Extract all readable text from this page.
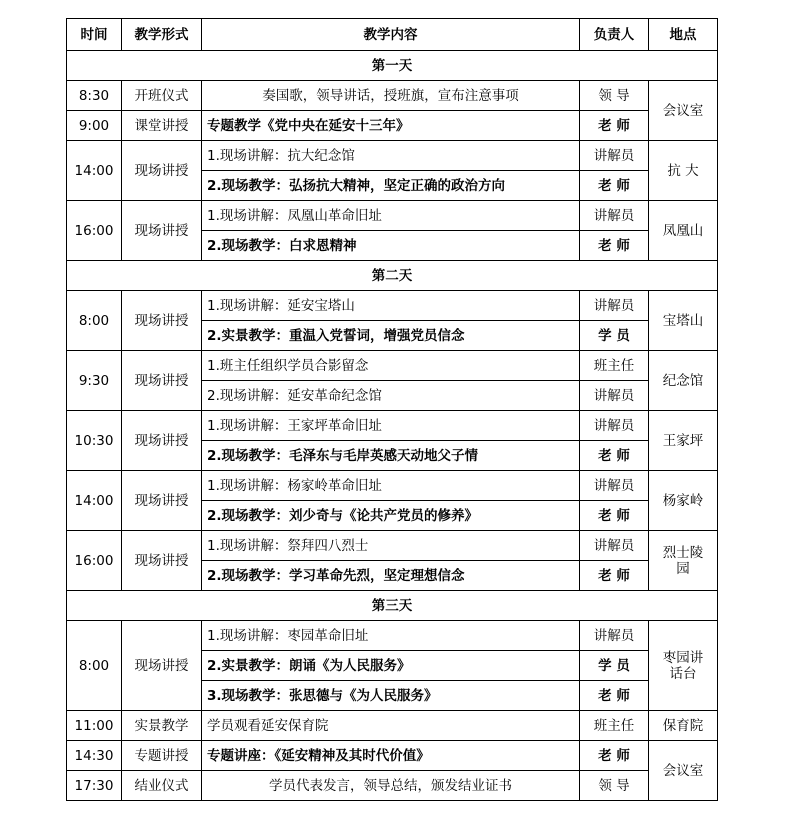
时间	教学形式	教学内容	负责人	地点
第一天				
8:30	开班仪式	奏国歌，领导讲话，授班旗，宣布注意事项	领 导	会议室
9:00	课堂讲授	专题教学《党中央在延安十三年》	老 师	
14:00	现场讲授	1.现场讲解：抗大纪念馆	讲解员	抗 大
		2.现场教学：弘扬抗大精神，坚定正确的政治方向	老 师	
16:00	现场讲授	1.现场讲解：凤凰山革命旧址	讲解员	凤凰山
		2.现场教学：白求恩精神	老 师	
第二天				
8:00	现场讲授	1.现场讲解：延安宝塔山	讲解员	宝塔山
		2.实景教学：重温入党誓词，增强党员信念	学 员	
9:30	现场讲授	1.班主任组织学员合影留念	班主任	纪念馆
		2.现场讲解：延安革命纪念馆	讲解员	
10:30	现场讲授	1.现场讲解：王家坪革命旧址	讲解员	王家坪
		2.现场教学：毛泽东与毛岸英感天动地父子情	老 师	
14:00	现场讲授	1.现场讲解：杨家岭革命旧址	讲解员	杨家岭
		2.现场教学：刘少奇与《论共产党员的修养》	老 师	
16:00	现场讲授	1.现场讲解：祭拜四八烈士	讲解员	烈士陵园
		2.现场教学：学习革命先烈，坚定理想信念	老 师	
第三天				
8:00	现场讲授	1.现场讲解：枣园革命旧址	讲解员	枣园讲话台
		2.实景教学：朗诵《为人民服务》	学 员	
		3.现场教学：张思德与《为人民服务》	老 师	
11:00	实景教学	学员观看延安保育院	班主任	保育院
14:30	专题讲授	专题讲座：《延安精神及其时代价值》	老 师	会议室
17:30	结业仪式	学员代表发言，领导总结，颁发结业证书	领 导	
